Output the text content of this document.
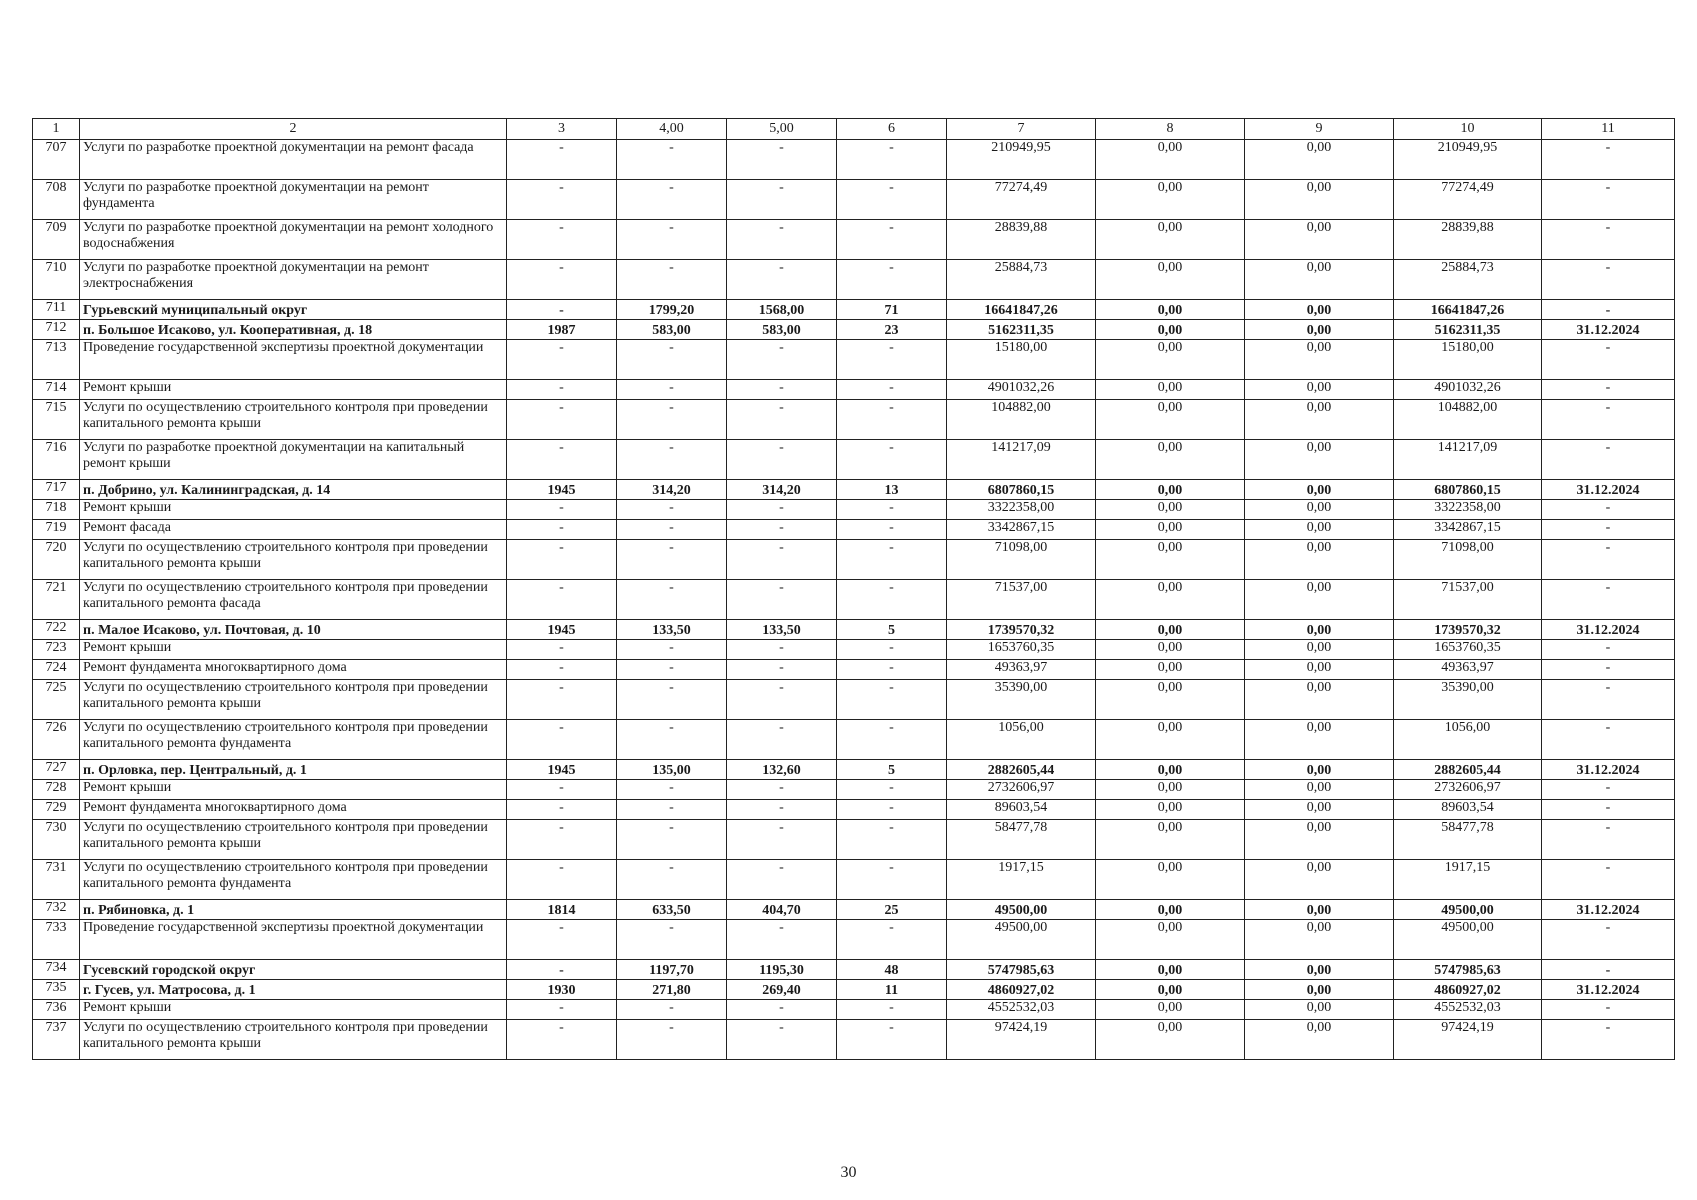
1	2	3	4,00	5,00	6	7	8	9	10	11
707	Услуги по разработке проектной документации на ремонт фасада	-	-	-	-	210949,95	0,00	0,00	210949,95	-
708	Услуги по разработке проектной документации на ремонт фундамента	-	-	-	-	77274,49	0,00	0,00	77274,49	-
709	Услуги по разработке проектной документации на ремонт холодного водоснабжения	-	-	-	-	28839,88	0,00	0,00	28839,88	-
710	Услуги по разработке проектной документации на ремонт электроснабжения	-	-	-	-	25884,73	0,00	0,00	25884,73	-
711	Гурьевский муниципальный округ	-	1799,20	1568,00	71	16641847,26	0,00	0,00	16641847,26	-
712	п. Большое Исаково, ул. Кооперативная, д. 18	1987	583,00	583,00	23	5162311,35	0,00	0,00	5162311,35	31.12.2024
713	Проведение государственной экспертизы проектной документации	-	-	-	-	15180,00	0,00	0,00	15180,00	-
714	Ремонт крыши	-	-	-	-	4901032,26	0,00	0,00	4901032,26	-
715	Услуги по осуществлению строительного контроля при проведении капитального ремонта крыши	-	-	-	-	104882,00	0,00	0,00	104882,00	-
716	Услуги по разработке проектной документации на капитальный ремонт крыши	-	-	-	-	141217,09	0,00	0,00	141217,09	-
717	п. Добрино, ул. Калининградская, д. 14	1945	314,20	314,20	13	6807860,15	0,00	0,00	6807860,15	31.12.2024
718	Ремонт крыши	-	-	-	-	3322358,00	0,00	0,00	3322358,00	-
719	Ремонт фасада	-	-	-	-	3342867,15	0,00	0,00	3342867,15	-
720	Услуги по осуществлению строительного контроля при проведении капитального ремонта крыши	-	-	-	-	71098,00	0,00	0,00	71098,00	-
721	Услуги по осуществлению строительного контроля при проведении капитального ремонта фасада	-	-	-	-	71537,00	0,00	0,00	71537,00	-
722	п. Малое Исаково, ул. Почтовая, д. 10	1945	133,50	133,50	5	1739570,32	0,00	0,00	1739570,32	31.12.2024
723	Ремонт крыши	-	-	-	-	1653760,35	0,00	0,00	1653760,35	-
724	Ремонт фундамента многоквартирного дома	-	-	-	-	49363,97	0,00	0,00	49363,97	-
725	Услуги по осуществлению строительного контроля при проведении капитального ремонта крыши	-	-	-	-	35390,00	0,00	0,00	35390,00	-
726	Услуги по осуществлению строительного контроля при проведении капитального ремонта фундамента	-	-	-	-	1056,00	0,00	0,00	1056,00	-
727	п. Орловка, пер. Центральный, д. 1	1945	135,00	132,60	5	2882605,44	0,00	0,00	2882605,44	31.12.2024
728	Ремонт крыши	-	-	-	-	2732606,97	0,00	0,00	2732606,97	-
729	Ремонт фундамента многоквартирного дома	-	-	-	-	89603,54	0,00	0,00	89603,54	-
730	Услуги по осуществлению строительного контроля при проведении капитального ремонта крыши	-	-	-	-	58477,78	0,00	0,00	58477,78	-
731	Услуги по осуществлению строительного контроля при проведении капитального ремонта фундамента	-	-	-	-	1917,15	0,00	0,00	1917,15	-
732	п. Рябиновка, д. 1	1814	633,50	404,70	25	49500,00	0,00	0,00	49500,00	31.12.2024
733	Проведение государственной экспертизы проектной документации	-	-	-	-	49500,00	0,00	0,00	49500,00	-
734	Гусевский городской округ	-	1197,70	1195,30	48	5747985,63	0,00	0,00	5747985,63	-
735	г. Гусев, ул. Матросова, д. 1	1930	271,80	269,40	11	4860927,02	0,00	0,00	4860927,02	31.12.2024
736	Ремонт крыши	-	-	-	-	4552532,03	0,00	0,00	4552532,03	-
737	Услуги по осуществлению строительного контроля при проведении капитального ремонта крыши	-	-	-	-	97424,19	0,00	0,00	97424,19	-
30
